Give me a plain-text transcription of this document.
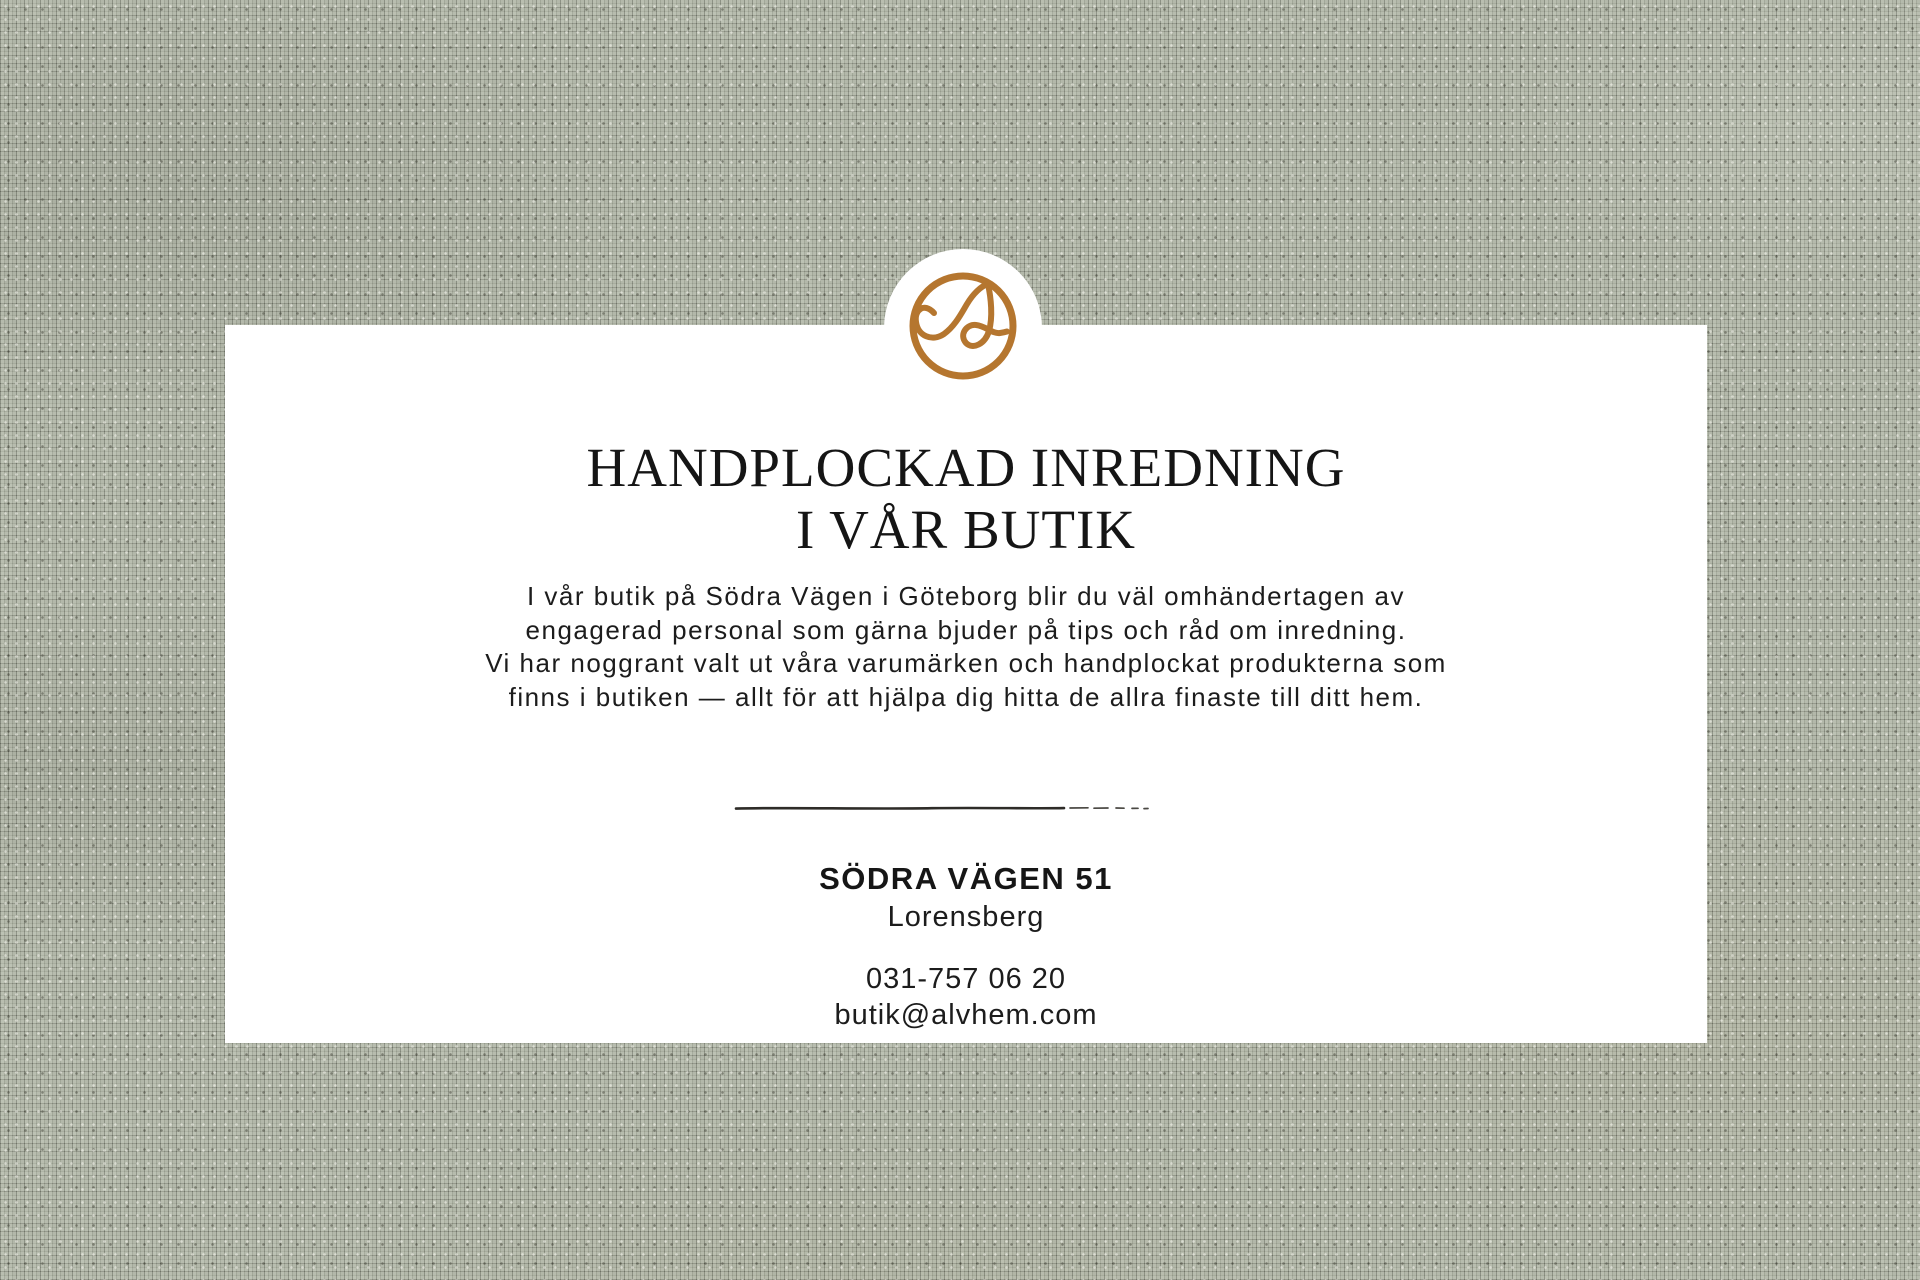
HANDPLOCKAD INREDNING
I VÅR BUTIK
I vår butik på Södra Vägen i Göteborg blir du väl omhändertagen av
engagerad personal som gärna bjuder på tips och råd om inredning.
Vi har noggrant valt ut våra varumärken och handplockat produkterna som
finns i butiken — allt för att hjälpa dig hitta de allra finaste till ditt hem.
SÖDRA VÄGEN 51
Lorensberg
031-757 06 20
butik@alvhem.com
